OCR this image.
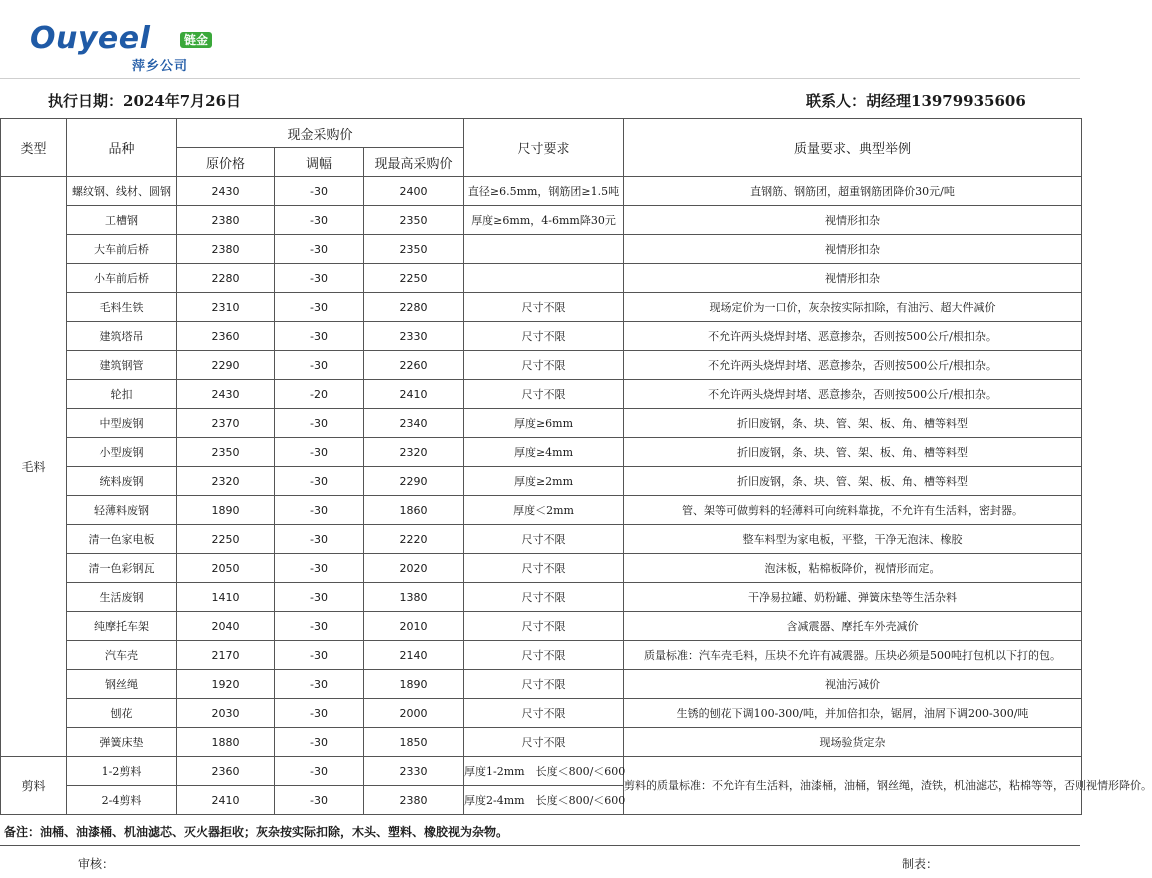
Ouyeel	链金
萍乡公司
执行日期：2024年7月26日	联系人：胡经理13979935606
类型	品种	现金采购价			尺寸要求	质量要求、典型举例
		原价格	调幅	现最高采购价		
毛料	螺纹钢、线材、圆钢	2430	-30	2400	直径≥6.5mm，钢筋团≥1.5吨	直钢筋、钢筋团，超重钢筋团降价30元/吨
	工槽钢	2380	-30	2350	厚度≥6mm，4-6mm降30元	视情形扣杂
	大车前后桥	2380	-30	2350		视情形扣杂
	小车前后桥	2280	-30	2250		视情形扣杂
	毛料生铁	2310	-30	2280	尺寸不限	现场定价为一口价，灰杂按实际扣除，有油污、超大件减价
	建筑塔吊	2360	-30	2330	尺寸不限	不允许两头烧焊封堵、恶意掺杂，否则按500公斤/根扣杂。
	建筑钢管	2290	-30	2260	尺寸不限	不允许两头烧焊封堵、恶意掺杂，否则按500公斤/根扣杂。
	轮扣	2430	-20	2410	尺寸不限	不允许两头烧焊封堵、恶意掺杂，否则按500公斤/根扣杂。
	中型废钢	2370	-30	2340	厚度≥6mm	折旧废钢，条、块、管、架、板、角、槽等料型
	小型废钢	2350	-30	2320	厚度≥4mm	折旧废钢，条、块、管、架、板、角、槽等料型
	统料废钢	2320	-30	2290	厚度≥2mm	折旧废钢，条、块、管、架、板、角、槽等料型
	轻薄料废钢	1890	-30	1860	厚度＜2mm	管、架等可做剪料的轻薄料可向统料靠拢，不允许有生活料，密封器。
	清一色家电板	2250	-30	2220	尺寸不限	整车料型为家电板，平整，干净无泡沫、橡胶
	清一色彩钢瓦	2050	-30	2020	尺寸不限	泡沫板，粘棉板降价，视情形而定。
	生活废钢	1410	-30	1380	尺寸不限	干净易拉罐、奶粉罐、弹簧床垫等生活杂料
	纯摩托车架	2040	-30	2010	尺寸不限	含减震器、摩托车外壳减价
	汽车壳	2170	-30	2140	尺寸不限	质量标准：汽车壳毛料，压块不允许有减震器。压块必须是500吨打包机以下打的包。
	钢丝绳	1920	-30	1890	尺寸不限	视油污减价
	刨花	2030	-30	2000	尺寸不限	生锈的刨花下调100-300/吨，并加倍扣杂，锯屑，油屑下调200-300/吨
	弹簧床垫	1880	-30	1850	尺寸不限	现场验货定杂
剪料	1-2剪料	2360	-30	2330	厚度1-2mm　长度＜800/＜600	剪料的质量标准：不允许有生活料，油漆桶，油桶，钢丝绳，渣铁，机油滤芯，粘棉等等，否则视情形降价。
	2-4剪料	2410	-30	2380	厚度2-4mm　长度＜800/＜600	
备注：油桶、油漆桶、机油滤芯、灭火器拒收；灰杂按实际扣除，木头、塑料、橡胶视为杂物。
审核：	制表：
